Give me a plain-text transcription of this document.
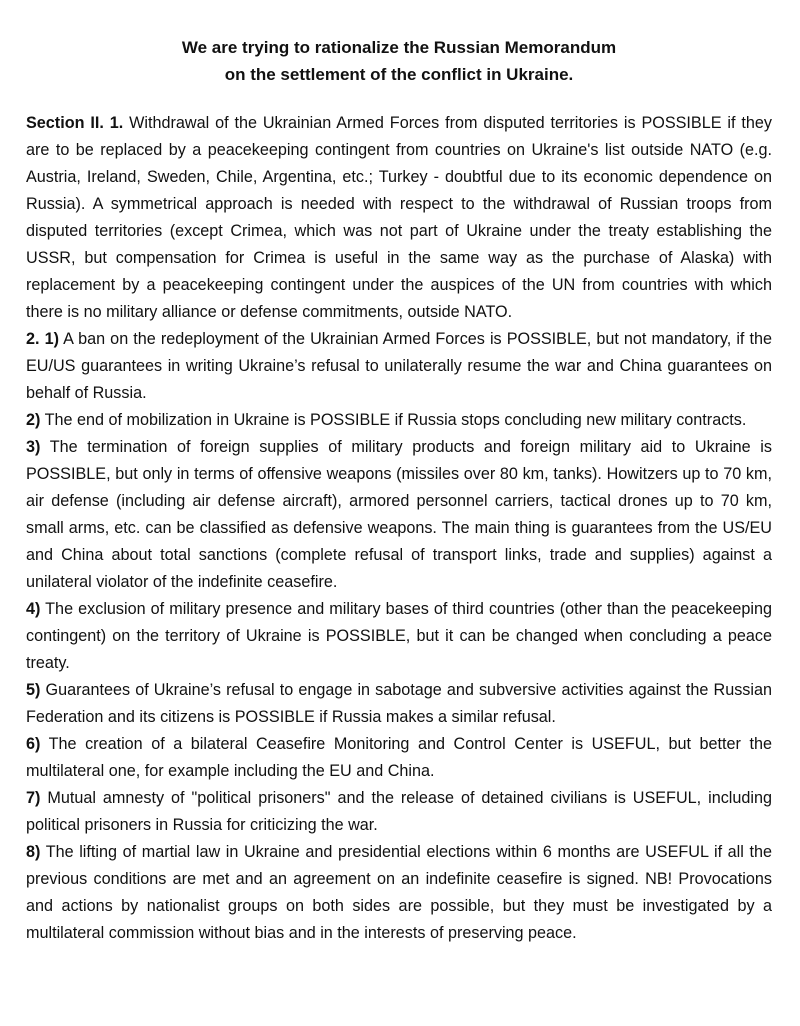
We are trying to rationalize the Russian Memorandum
on the settlement of the conflict in Ukraine.

Section II. 1. Withdrawal of the Ukrainian Armed Forces from disputed territories is POSSIBLE if they are to be replaced by a peacekeeping contingent from countries on Ukraine's list outside NATO (e.g. Austria, Ireland, Sweden, Chile, Argentina, etc.; Turkey - doubtful due to its economic dependence on Russia). A symmetrical approach is needed with respect to the withdrawal of Russian troops from disputed territories (except Crimea, which was not part of Ukraine under the treaty establishing the USSR, but compensation for Crimea is useful in the same way as the purchase of Alaska) with replacement by a peacekeeping contingent under the auspices of the UN from countries with which there is no military alliance or defense commitments, outside NATO.

2. 1) A ban on the redeployment of the Ukrainian Armed Forces is POSSIBLE, but not mandatory, if the EU/US guarantees in writing Ukraine’s refusal to unilaterally resume the war and China guarantees on behalf of Russia.

2) The end of mobilization in Ukraine is POSSIBLE if Russia stops concluding new military contracts.

3) The termination of foreign supplies of military products and foreign military aid to Ukraine is POSSIBLE, but only in terms of offensive weapons (missiles over 80 km, tanks). Howitzers up to 70 km, air defense (including air defense aircraft), armored personnel carriers, tactical drones up to 70 km, small arms, etc. can be classified as defensive weapons. The main thing is guarantees from the US/EU and China about total sanctions (complete refusal of transport links, trade and supplies) against a unilateral violator of the indefinite ceasefire.

4) The exclusion of military presence and military bases of third countries (other than the peacekeeping contingent) on the territory of Ukraine is POSSIBLE, but it can be changed when concluding a peace treaty.

5) Guarantees of Ukraine’s refusal to engage in sabotage and subversive activities against the Russian Federation and its citizens is POSSIBLE if Russia makes a similar refusal.

6) The creation of a bilateral Ceasefire Monitoring and Control Center is USEFUL, but better the multilateral one, for example including the EU and China.

7) Mutual amnesty of "political prisoners" and the release of detained civilians is USEFUL, including political prisoners in Russia for criticizing the war.

8) The lifting of martial law in Ukraine and presidential elections within 6 months are USEFUL if all the previous conditions are met and an agreement on an indefinite ceasefire is signed. NB! Provocations and actions by nationalist groups on both sides are possible, but they must be investigated by a multilateral commission without bias and in the interests of preserving peace.
